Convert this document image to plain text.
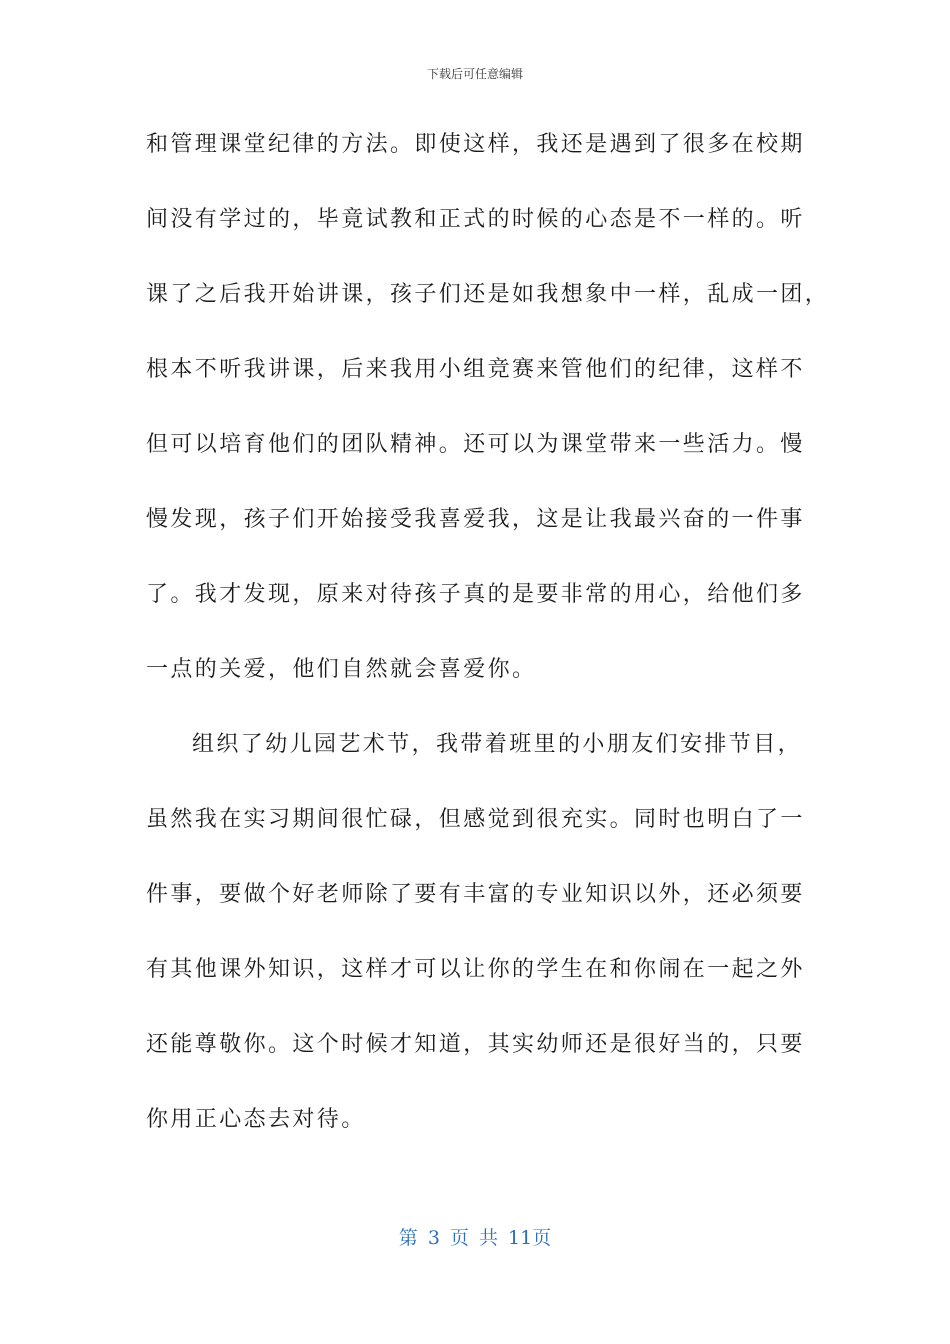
下载后可任意编辑
和管理课堂纪律的方法。即使这样，我还是遇到了很多在校期
间没有学过的，毕竟试教和正式的时候的心态是不一样的。听
课了之后我开始讲课，孩子们还是如我想象中一样，乱成一团，
根本不听我讲课，后来我用小组竞赛来管他们的纪律，这样不
但可以培育他们的团队精神。还可以为课堂带来一些活力。慢
慢发现，孩子们开始接受我喜爱我，这是让我最兴奋的一件事
了。我才发现，原来对待孩子真的是要非常的用心，给他们多
一点的关爱，他们自然就会喜爱你。
组织了幼儿园艺术节，我带着班里的小朋友们安排节目，
虽然我在实习期间很忙碌，但感觉到很充实。同时也明白了一
件事，要做个好老师除了要有丰富的专业知识以外，还必须要
有其他课外知识，这样才可以让你的学生在和你闹在一起之外
还能尊敬你。这个时候才知道，其实幼师还是很好当的，只要
你用正心态去对待。
第 3 页 共 11页
